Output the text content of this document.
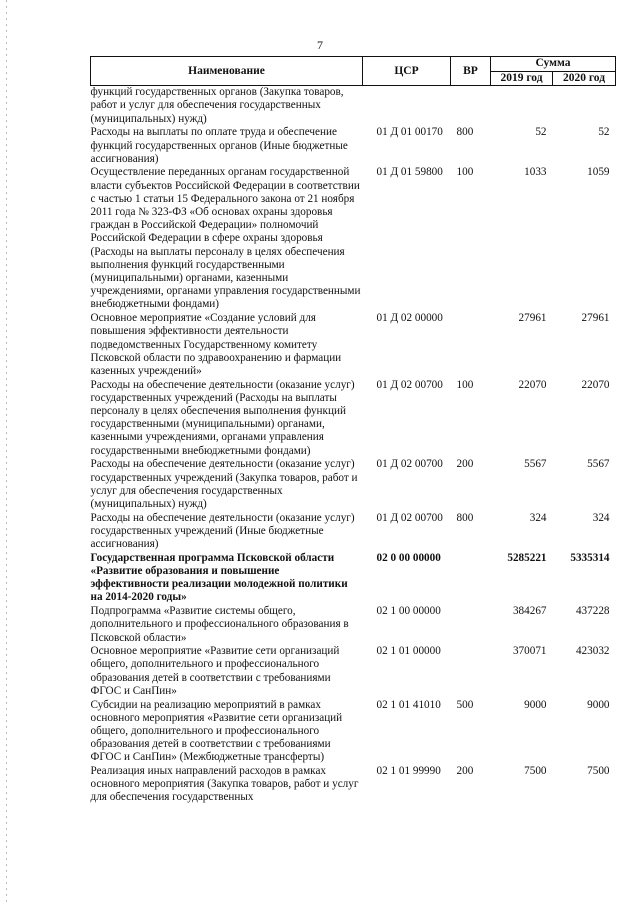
7
Наименование	ЦСР	ВР	Сумма	
			2019 год	2020 год
функций государственных органов (Закупка товаров, работ и услуг для обеспечения государственных (муниципальных) нужд)				
Расходы на выплаты по оплате труда и обеспечение функций государственных органов (Иные бюджетные ассигнования)	01 Д 01 00170	800	52	52
Осуществление переданных органам государственной власти субъектов Российской Федерации в соответствии с частью 1 статьи 15 Федерального закона от 21 ноября 2011 года № 323-ФЗ «Об основах охраны здоровья граждан в Российской Федерации» полномочий Российской Федерации в сфере охраны здоровья (Расходы на выплаты персоналу в целях обеспечения выполнения функций государственными (муниципальными) органами, казенными учреждениями, органами управления государственными внебюджетными фондами)	01 Д 01 59800	100	1033	1059
Основное мероприятие «Создание условий для повышения эффективности деятельности подведомственных Государственному комитету Псковской области по здравоохранению и фармации казенных учреждений»	01 Д 02 00000		27961	27961
Расходы на обеспечение деятельности (оказание услуг) государственных учреждений (Расходы на выплаты персоналу в целях обеспечения выполнения функций государственными (муниципальными) органами, казенными учреждениями, органами управления государственными внебюджетными фондами)	01 Д 02 00700	100	22070	22070
Расходы на обеспечение деятельности (оказание услуг) государственных учреждений (Закупка товаров, работ и услуг для обеспечения государственных (муниципальных) нужд)	01 Д 02 00700	200	5567	5567
Расходы на обеспечение деятельности (оказание услуг) государственных учреждений (Иные бюджетные ассигнования)	01 Д 02 00700	800	324	324
Государственная программа Псковской области «Развитие образования и повышение эффективности реализации молодежной политики на 2014-2020 годы»	02 0 00 00000		5285221	5335314
Подпрограмма «Развитие системы общего, дополнительного и профессионального образования в Псковской области»	02 1 00 00000		384267	437228
Основное мероприятие «Развитие сети организаций общего, дополнительного и профессионального образования детей в соответствии с требованиями ФГОС и СанПин»	02 1 01 00000		370071	423032
Субсидии на реализацию мероприятий в рамках основного мероприятия «Развитие сети организаций общего, дополнительного и профессионального образования детей в соответствии с требованиями ФГОС и СанПин» (Межбюджетные трансферты)	02 1 01 41010	500	9000	9000
Реализация иных направлений расходов в рамках основного мероприятия (Закупка товаров, работ и услуг для обеспечения государственных	02 1 01 99990	200	7500	7500
